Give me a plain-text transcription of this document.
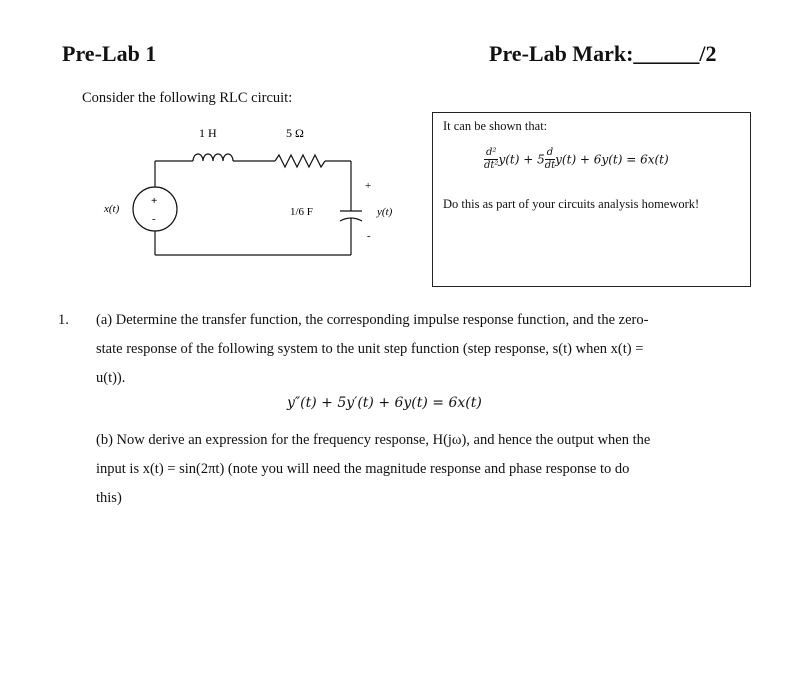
Pre-Lab 1	Pre-Lab Mark:______/2
Consider the following RLC circuit:
1 H	5 Ω
1/6 F
x(t)	y(t)
+
-
+
-
It can be shown that:
$\frac{\text{d²}}{\text{dt²}} y(t) + 5 \frac{d}{dt} y(t) + 6y(t) = 6x(t)$
Do this as part of your circuits analysis homework!
1. (a) Determine the transfer function, the corresponding impulse response function, and the zero-
state response of the following system to the unit step function (step response, s(t) when x(t) =
u(t)).
y″(t) + 5y′(t) + 6y(t) = 6x(t)
(b) Now derive an expression for the frequency response, H(jω), and hence the output when the
input is x(t) = sin(2πt) (note you will need the magnitude response and phase response to do
this)
